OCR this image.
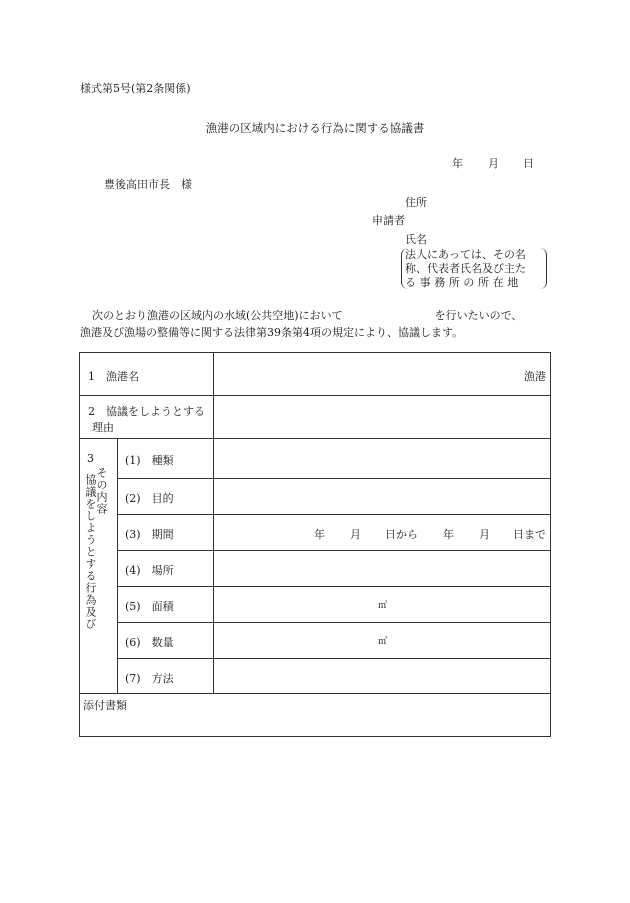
様式第5号(第2条関係)
漁港の区域内における行為に関する協議書
年 月 日
豊後高田市長　様
住所
申請者
氏名
法人にあっては、その名
称、代表者氏名及び主た
る事務所の所在地
次のとおり漁港の区域内の水域(公共空地)において	を行いたいので、
漁港及び漁場の整備等に関する法律第39条第4項の規定により、協議します。
1　漁港名	漁港
2　協議をしようとする
理由
3
その内容
協議をしようとする行為及び
(1)　種類
(2)　目的
(3)　期間	年 月 日から 年 月 日まで
(4)　場所
(5)　面積	㎡
(6)　数量	㎥
(7)　方法
添付書類
